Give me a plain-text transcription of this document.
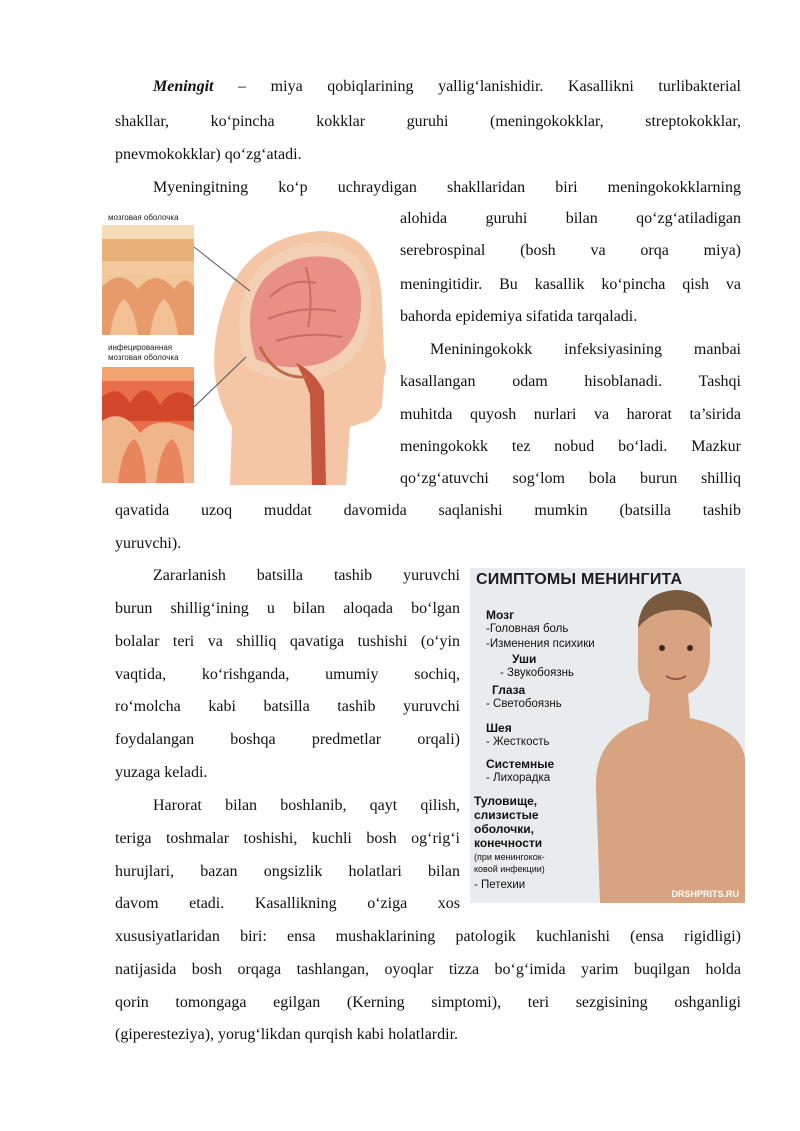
Meningit – miya qobiqlarining yallig‘lanishidir. Kasallikni turlibakterial
shakllar, ko‘pincha kokklar guruhi (meningokokklar, streptokokklar,
pnevmokokklar) qo‘zg‘atadi.
Myeningitning ko‘p uchraydigan shakllaridan biri meningokokklarning
alohida guruhi bilan qo‘zg‘atiladigan
serebrospinal (bosh va orqa miya)
meningitidir. Bu kasallik ko‘pincha qish va
bahorda epidemiya sifatida tarqaladi.
Meniningokokk infeksiyasining manbai
kasallangan odam hisoblanadi. Tashqi
muhitda quyosh nurlari va harorat ta’sirida
meningokokk tez nobud bo‘ladi. Mazkur
qo‘zg‘atuvchi sog‘lom bola burun shilliq
qavatida uzoq muddat davomida saqlanishi mumkin (batsilla tashib
yuruvchi).
Zararlanish batsilla tashib yuruvchi
burun shillig‘ining u bilan aloqada bo‘lgan
bolalar teri va shilliq qavatiga tushishi (o‘yin
vaqtida, ko‘rishganda, umumiy sochiq,
ro‘molcha kabi batsilla tashib yuruvchi
foydalangan boshqa predmetlar orqali)
yuzaga keladi.
Harorat bilan boshlanib, qayt qilish,
teriga toshmalar toshishi, kuchli bosh og‘rig‘i
hurujlari, bazan ongsizlik holatlari bilan
davom etadi. Kasallikning o‘ziga xos
xususiyatlaridan biri: ensa mushaklarining patologik kuchlanishi (ensa rigidligi)
natijasida bosh orqaga tashlangan, oyoqlar tizza bo‘g‘imida yarim buqilgan holda
qorin tomongaga egilgan (Kerning simptomi), teri sezgisining oshganligi
(giperesteziya), yorug‘likdan qurqish kabi holatlardir.
мозговая оболочка
инфецированная
мозговая оболочка
СИМПТОМЫ МЕНИНГИТА
Мозг
-Головная боль
-Изменения психики
Уши
- Звукобоязнь
Глаза
- Светобоязнь
Шея
- Жесткость
Системные
- Лихорадка
Туловище,
слизистые
оболочки,
конечности
(при менингокок-
ковой инфекции)
- Петехии
DRSHPRITS.RU
